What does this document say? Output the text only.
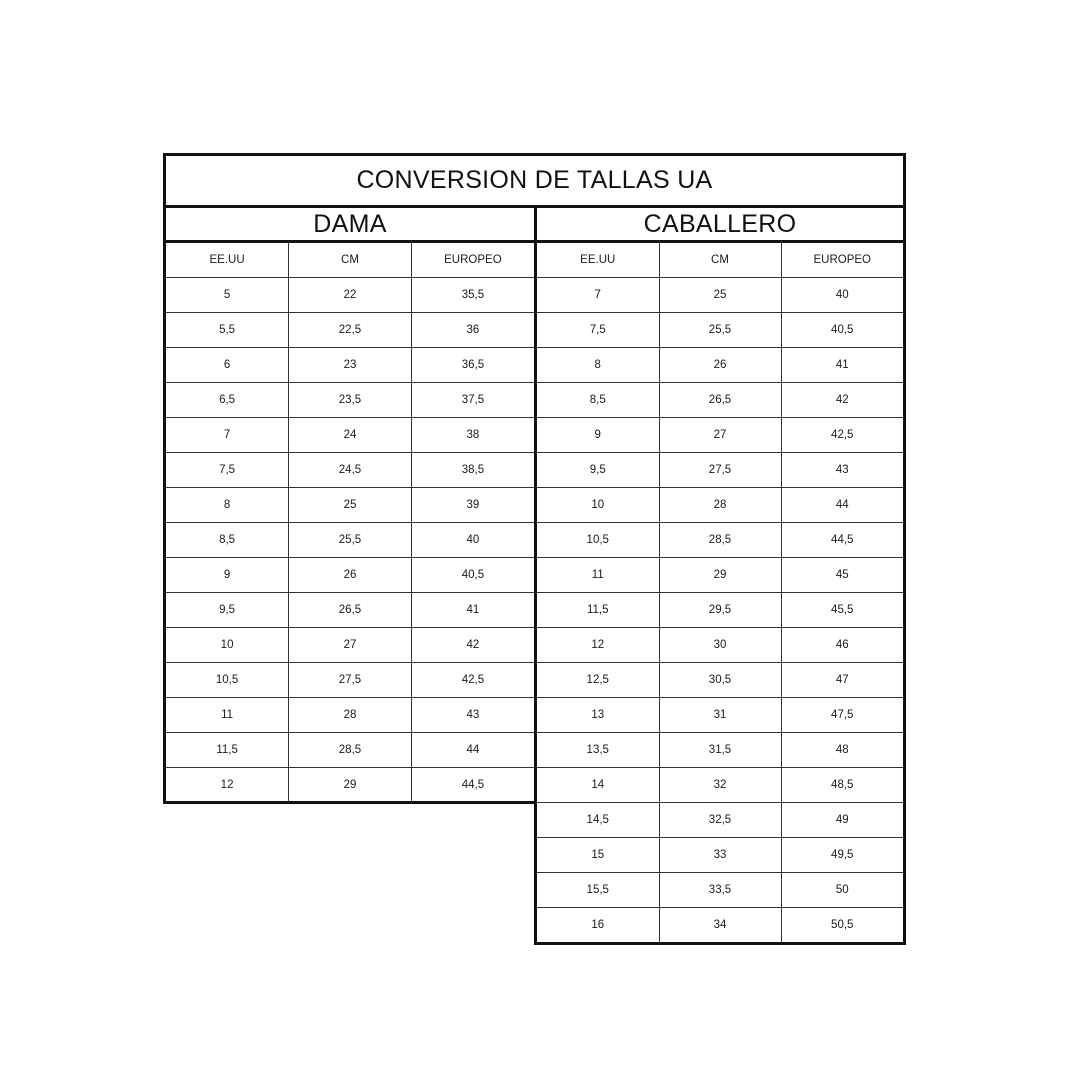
CONVERSION DE TALLAS UA
DAMA	CABALLERO
EE.UU	CM	EUROPEO
5	22	35,5
5,5	22,5	36
6	23	36,5
6,5	23,5	37,5
7	24	38
7,5	24,5	38,5
8	25	39
8,5	25,5	40
9	26	40,5
9,5	26,5	41
10	27	42
10,5	27,5	42,5
11	28	43
11,5	28,5	44
12	29	44,5
EE.UU	CM	EUROPEO
7	25	40
7,5	25,5	40,5
8	26	41
8,5	26,5	42
9	27	42,5
9,5	27,5	43
10	28	44
10,5	28,5	44,5
11	29	45
11,5	29,5	45,5
12	30	46
12,5	30,5	47
13	31	47,5
13,5	31,5	48
14	32	48,5
14,5	32,5	49
15	33	49,5
15,5	33,5	50
16	34	50,5
